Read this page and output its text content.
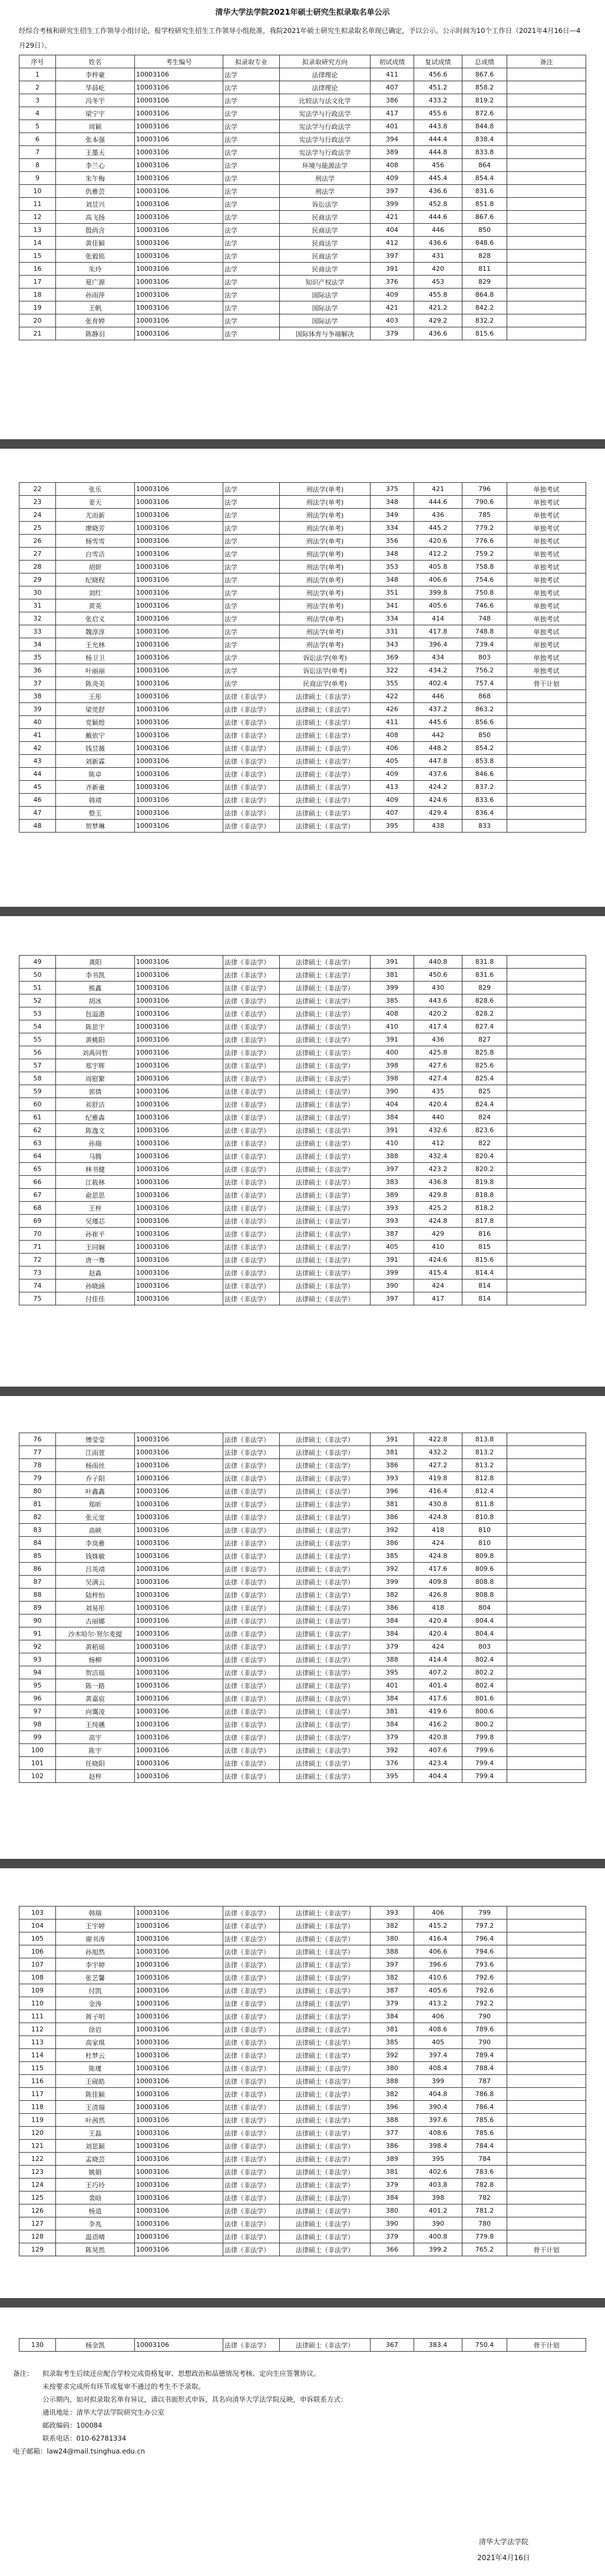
清华大学法学院2021年硕士研究生拟录取名单公示
经综合考核和研究生招生工作领导小组讨论，报学校研究生招生工作领导小组批准，我院2021年硕士研究生拟录取名单现已确定，予以公示。公示时间为10个工作日（2021年4月16日—4月29日）。
序号	姓名	考生编号	拟录取专业	拟录取研究方向	初试成绩	复试成绩	总成绩	备注
1	李梓豪	10003106	法学	法律理论	411	456.6	867.6	
2	华晨屹	10003106	法学	法律理论	407	451.2	858.2	
3	冯冬宇	10003106	法学	比较法与法文化学	386	433.2	819.2	
4	梁宁宇	10003106	法学	宪法学与行政法学	417	455.6	872.6	
5	周颖	10003106	法学	宪法学与行政法学	401	443.8	844.8	
6	张本强	10003106	法学	宪法学与行政法学	394	444.4	838.4	
7	王墨天	10003106	法学	宪法学与行政法学	389	444.8	833.8	
8	李兰心	10003106	法学	环境与能源法学	408	456	864	
9	朱午梅	10003106	法学	刑法学	409	445.4	854.4	
10	仇雅芸	10003106	法学	刑法学	397	436.6	831.6	
11	刘昱兴	10003106	法学	诉讼法学	399	452.8	851.8	
12	高飞扬	10003106	法学	民商法学	421	444.6	867.6	
13	殷尚含	10003106	法学	民商法学	404	446	850	
14	黄佳颖	10003106	法学	民商法学	412	436.6	848.6	
15	张毅铭	10003106	法学	民商法学	397	431	828	
16	朱玲	10003106	法学	民商法学	391	420	811	
17	夏广源	10003106	法学	知识产权法学	376	453	829	
18	孙雨萍	10003106	法学	国际法学	409	455.8	864.8	
19	王帆	10003106	法学	国际法学	421	421.2	842.2	
20	张育婷	10003106	法学	国际法学	403	429.2	832.2	
21	陈静羽	10003106	法学	国际体育与争端解决	379	436.6	815.6	
22	张乐	10003106	法学	刑法学(单考)	375	421	796	单独考试
23	姜天	10003106	法学	刑法学(单考)	348	444.6	790.6	单独考试
24	尤而新	10003106	法学	刑法学(单考)	349	436	785	单独考试
25	廖晓芳	10003106	法学	刑法学(单考)	334	445.2	779.2	单独考试
26	杨雪雪	10003106	法学	刑法学(单考)	356	420.6	776.6	单独考试
27	白雪洁	10003106	法学	刑法学(单考)	348	412.2	759.2	单独考试
28	胡妍	10003106	法学	刑法学(单考)	353	405.8	758.8	单独考试
29	纪晓程	10003106	法学	刑法学(单考)	348	406.6	754.6	单独考试
30	刘红	10003106	法学	刑法学(单考)	351	399.8	750.8	单独考试
31	黄英	10003106	法学	刑法学(单考)	341	405.6	746.6	单独考试
32	张启义	10003106	法学	刑法学(单考)	334	414	748	单独考试
33	魏淳淳	10003106	法学	刑法学(单考)	331	417.8	748.8	单独考试
34	王允林	10003106	法学	刑法学(单考)	343	396.4	739.4	单独考试
35	杨卫卫	10003106	法学	诉讼法学(单考)	369	434	803	单独考试
36	叶丽丽	10003106	法学	诉讼法学(单考)	322	434.2	756.2	单独考试
37	陈炎美	10003106	法学	民商法学(单考)	355	402.4	757.4	骨干计划
38	王彤	10003106	法律（非法学）	法律硕士（非法学）	422	446	868	
39	梁莞舒	10003106	法律（非法学）	法律硕士（非法学）	426	437.2	863.2	
40	党颖煜	10003106	法律（非法学）	法律硕士（非法学）	411	445.6	856.6	
41	戴依宁	10003106	法律（非法学）	法律硕士（非法学）	408	442	850	
42	钱昱薇	10003106	法律（非法学）	法律硕士（非法学）	406	448.2	854.2	
43	刘新霖	10003106	法律（非法学）	法律硕士（非法学）	405	447.8	853.8	
44	陈卓	10003106	法律（非法学）	法律硕士（非法学）	409	437.6	846.6	
45	齐新童	10003106	法律（非法学）	法律硕士（非法学）	413	424.2	837.2	
46	韩靖	10003106	法律（非法学）	法律硕士（非法学）	409	424.6	833.6	
47	整玉	10003106	法律（非法学）	法律硕士（非法学）	407	429.4	836.4	
48	贺梦琳	10003106	法律（非法学）	法律硕士（非法学）	395	438	833	
49	龚阳	10003106	法律（非法学）	法律硕士（非法学）	391	440.8	831.8	
50	李书凯	10003106	法律（非法学）	法律硕士（非法学）	381	450.6	831.6	
51	熊鑫	10003106	法律（非法学）	法律硕士（非法学）	399	430	829	
52	胡冰	10003106	法律（非法学）	法律硕士（非法学）	385	443.6	828.6	
53	包溢港	10003106	法律（非法学）	法律硕士（非法学）	408	420.2	828.2	
54	陈思宇	10003106	法律（非法学）	法律硕士（非法学）	410	417.4	827.4	
55	黄桃阳	10003106	法律（非法学）	法律硕士（非法学）	391	436	827	
56	刘禹同哲	10003106	法律（非法学）	法律硕士（非法学）	400	425.8	825.8	
57	郑宇辉	10003106	法律（非法学）	法律硕士（非法学）	398	427.6	825.6	
58	周慰繁	10003106	法律（非法学）	法律硕士（非法学）	398	427.4	825.4	
59	郭倩	10003106	法律（非法学）	法律硕士（非法学）	390	435	825	
60	祁舒洁	10003106	法律（非法学）	法律硕士（非法学）	404	420.4	824.4	
61	纪雅森	10003106	法律（非法学）	法律硕士（非法学）	384	440	824	
62	陈逸文	10003106	法律（非法学）	法律硕士（非法学）	391	432.6	823.6	
63	孙瑞	10003106	法律（非法学）	法律硕士（非法学）	410	412	822	
64	马腾	10003106	法律（非法学）	法律硕士（非法学）	388	432.4	820.4	
65	林书健	10003106	法律（非法学）	法律硕士（非法学）	397	423.2	820.2	
66	江筱林	10003106	法律（非法学）	法律硕士（非法学）	383	436.8	819.8	
67	俞思思	10003106	法律（非法学）	法律硕士（非法学）	389	429.8	818.8	
68	王梓	10003106	法律（非法学）	法律硕士（非法学）	393	425.2	818.2	
69	吴瑾芯	10003106	法律（非法学）	法律硕士（非法学）	393	424.8	817.8	
70	孙崔平	10003106	法律（非法学）	法律硕士（非法学）	387	429	816	
71	王同娴	10003106	法律（非法学）	法律硕士（非法学）	405	410	815	
72	唐一骞	10003106	法律（非法学）	法律硕士（非法学）	391	424.6	815.6	
73	赵淼	10003106	法律（非法学）	法律硕士（非法学）	399	415.4	814.4	
74	孙晓涵	10003106	法律（非法学）	法律硕士（非法学）	390	424	814	
75	付佳佳	10003106	法律（非法学）	法律硕士（非法学）	397	417	814	
76	傅莹莹	10003106	法律（非法学）	法律硕士（非法学）	391	422.8	813.8	
77	江雨萱	10003106	法律（非法学）	法律硕士（非法学）	381	432.2	813.2	
78	杨雨丝	10003106	法律（非法学）	法律硕士（非法学）	386	427.2	813.2	
79	乔子阳	10003106	法律（非法学）	法律硕士（非法学）	393	419.8	812.8	
80	叶鑫鑫	10003106	法律（非法学）	法律硕士（非法学）	396	416.4	812.4	
81	郑昕	10003106	法律（非法学）	法律硕士（非法学）	381	430.8	811.8	
82	张元宽	10003106	法律（非法学）	法律硕士（非法学）	386	424.8	810.8	
83	高峡	10003106	法律（非法学）	法律硕士（非法学）	392	418	810	
84	李岚雅	10003106	法律（非法学）	法律硕士（非法学）	386	424	810	
85	钱姝敏	10003106	法律（非法学）	法律硕士（非法学）	385	424.8	809.8	
86	吕英靖	10003106	法律（非法学）	法律硕士（非法学）	392	417.6	809.6	
87	吴满云	10003106	法律（非法学）	法律硕士（非法学）	399	409.8	808.8	
88	陆梓怡	10003106	法律（非法学）	法律硕士（非法学）	382	426.8	808.8	
89	刘易彤	10003106	法律（非法学）	法律硕士（非法学）	386	418	804	
90	古丽娜	10003106	法律（非法学）	法律硕士（非法学）	384	420.4	804.4	
91	沙木哈尔·努尔麦提	10003106	法律（非法学）	法律硕士（非法学）	384	420.4	804.4	
92	黄稻瑶	10003106	法律（非法学）	法律硕士（非法学）	379	424	803	
93	杨柳	10003106	法律（非法学）	法律硕士（非法学）	388	414.4	802.4	
94	贺洁瑶	10003106	法律（非法学）	法律硕士（非法学）	395	407.2	802.2	
95	陈一路	10003106	法律（非法学）	法律硕士（非法学）	401	401.4	802.4	
96	黄嘉宸	10003106	法律（非法学）	法律硕士（非法学）	384	417.6	801.6	
97	向霭凌	10003106	法律（非法学）	法律硕士（非法学）	381	419.6	800.6	
98	王纯嬿	10003106	法律（非法学）	法律硕士（非法学）	384	416.2	800.2	
99	高宇	10003106	法律（非法学）	法律硕士（非法学）	379	420.8	799.8	
100	陈宇	10003106	法律（非法学）	法律硕士（非法学）	392	407.6	799.6	
101	任晓阳	10003106	法律（非法学）	法律硕士（非法学）	376	423.4	799.4	
102	赵梓	10003106	法律（非法学）	法律硕士（非法学）	395	404.4	799.4	
103	韩瑞	10003106	法律（非法学）	法律硕士（非法学）	393	406	799	
104	王宇婷	10003106	法律（非法学）	法律硕士（非法学）	382	415.2	797.2	
105	谢书涛	10003106	法律（非法学）	法律硕士（非法学）	380	416.4	796.4	
106	孙旭然	10003106	法律（非法学）	法律硕士（非法学）	388	406.6	794.6	
107	李宇婷	10003106	法律（非法学）	法律硕士（非法学）	397	396.6	793.6	
108	张艺馨	10003106	法律（非法学）	法律硕士（非法学）	382	410.6	792.6	
109	付凯	10003106	法律（非法学）	法律硕士（非法学）	387	405.6	792.6	
110	金涛	10003106	法律（非法学）	法律硕士（非法学）	379	413.2	792.2	
111	蒋子明	10003106	法律（非法学）	法律硕士（非法学）	384	406	790	
112	徐岩	10003106	法律（非法学）	法律硕士（非法学）	381	408.6	789.6	
113	高家琪	10003106	法律（非法学）	法律硕士（非法学）	385	405	790	
114	杜梦云	10003106	法律（非法学）	法律硕士（非法学）	392	397.4	789.4	
115	陈瑾	10003106	法律（非法学）	法律硕士（非法学）	380	408.4	788.4	
116	王砚皓	10003106	法律（非法学）	法律硕士（非法学）	388	399	787	
117	陈佳颖	10003106	法律（非法学）	法律硕士（非法学）	382	404.8	786.8	
118	王清瑞	10003106	法律（非法学）	法律硕士（非法学）	396	390.4	786.4	
119	叶茜然	10003106	法律（非法学）	法律硕士（非法学）	388	397.6	785.6	
120	王磊	10003106	法律（非法学）	法律硕士（非法学）	377	408.6	785.6	
121	刘思颖	10003106	法律（非法学）	法律硕士（非法学）	386	398.4	784.4	
122	孟晓芸	10003106	法律（非法学）	法律硕士（非法学）	389	395	784	
123	姚娟	10003106	法律（非法学）	法律硕士（非法学）	381	402.6	783.6	
124	王巧玲	10003106	法律（非法学）	法律硕士（非法学）	379	403.8	782.8	
125	裴晗	10003106	法律（非法学）	法律硕士（非法学）	384	398	782	
126	杨逍	10003106	法律（非法学）	法律硕士（非法学）	380	401.2	781.2	
127	李兆	10003106	法律（非法学）	法律硕士（非法学）	390	390	780	
128	温语晴	10003106	法律（非法学）	法律硕士（非法学）	379	400.8	779.8	
129	陈昊然	10003106	法律（非法学）	法律硕士（非法学）	366	399.2	765.2	骨干计划
130	杨金凯	10003106	法律（非法学）	法律硕士（非法学）	367	383.4	750.4	骨干计划
备注：	拟录取考生后续还应配合学校完成资格复审、思想政治和品德情况考核、定向生应签署协议。
未按要求完成所有环节或复审不通过的考生不予录取。
公示期内，如对拟录取名单有异议，请以书面形式申诉，具名向清华大学法学院反映，申诉联系方式：
通讯地址：清华大学法学院研究生办公室
邮政编码：100084
联系电话：010-62781334
电子邮箱：law24@mail.tsinghua.edu.cn
清华大学法学院
2021年4月16日
